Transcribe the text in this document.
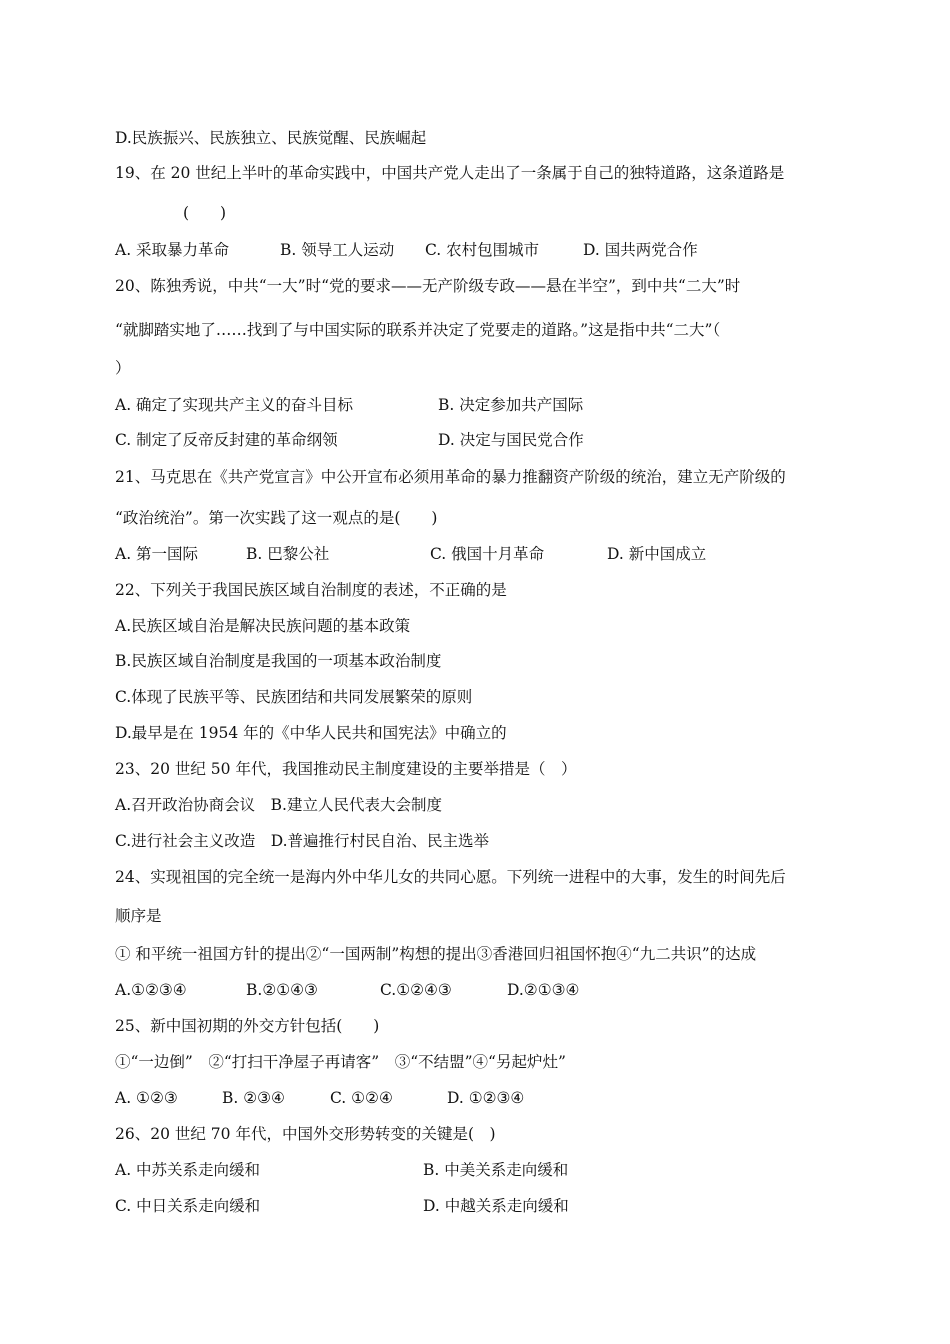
D.民族振兴、民族独立、民族觉醒、民族崛起
19、在 20 世纪上半叶的革命实践中，中国共产党人走出了一条属于自己的独特道路，这条道路是
(　　)
A. 采取暴力革命	B. 领导工人运动 C. 农村包围城市	D. 国共两党合作
20、陈独秀说，中共“一大”时“党的要求——无产阶级专政——悬在半空”，到中共“二大”时
“就脚踏实地了……找到了与中国实际的联系并决定了党要走的道路。”这是指中共“二大”（
）
A. 确定了实现共产主义的奋斗目标	B. 决定参加共产国际
C. 制定了反帝反封建的革命纲领	D. 决定与国民党合作
21、马克思在《共产党宣言》中公开宣布必须用革命的暴力推翻资产阶级的统治，建立无产阶级的
“政治统治”。第一次实践了这一观点的是(　　)
A. 第一国际	B. 巴黎公社	C. 俄国十月革命	D. 新中国成立
22、下列关于我国民族区域自治制度的表述，不正确的是
A.民族区域自治是解决民族问题的基本政策
B.民族区域自治制度是我国的一项基本政治制度
C.体现了民族平等、民族团结和共同发展繁荣的原则
D.最早是在 1954 年的《中华人民共和国宪法》中确立的
23、20 世纪 50 年代，我国推动民主制度建设的主要举措是（　）
A.召开政治协商会议　B.建立人民代表大会制度
C.进行社会主义改造　D.普遍推行村民自治、民主选举
24、实现祖国的完全统一是海内外中华儿女的共同心愿。下列统一进程中的大事，发生的时间先后
顺序是
① 和平统一祖国方针的提出②“一国两制”构想的提出③香港回归祖国怀抱④“九二共识”的达成
A.①②③④	B.②①④③	C.①②④③	D.②①③④
25、新中国初期的外交方针包括(　　)
①“一边倒”　②“打扫干净屋子再请客”　③“不结盟”④“另起炉灶”
A. ①②③	B. ②③④	C. ①②④	D. ①②③④
26、20 世纪 70 年代，中国外交形势转变的关键是(　)
A. 中苏关系走向缓和	B. 中美关系走向缓和
C. 中日关系走向缓和	D. 中越关系走向缓和
